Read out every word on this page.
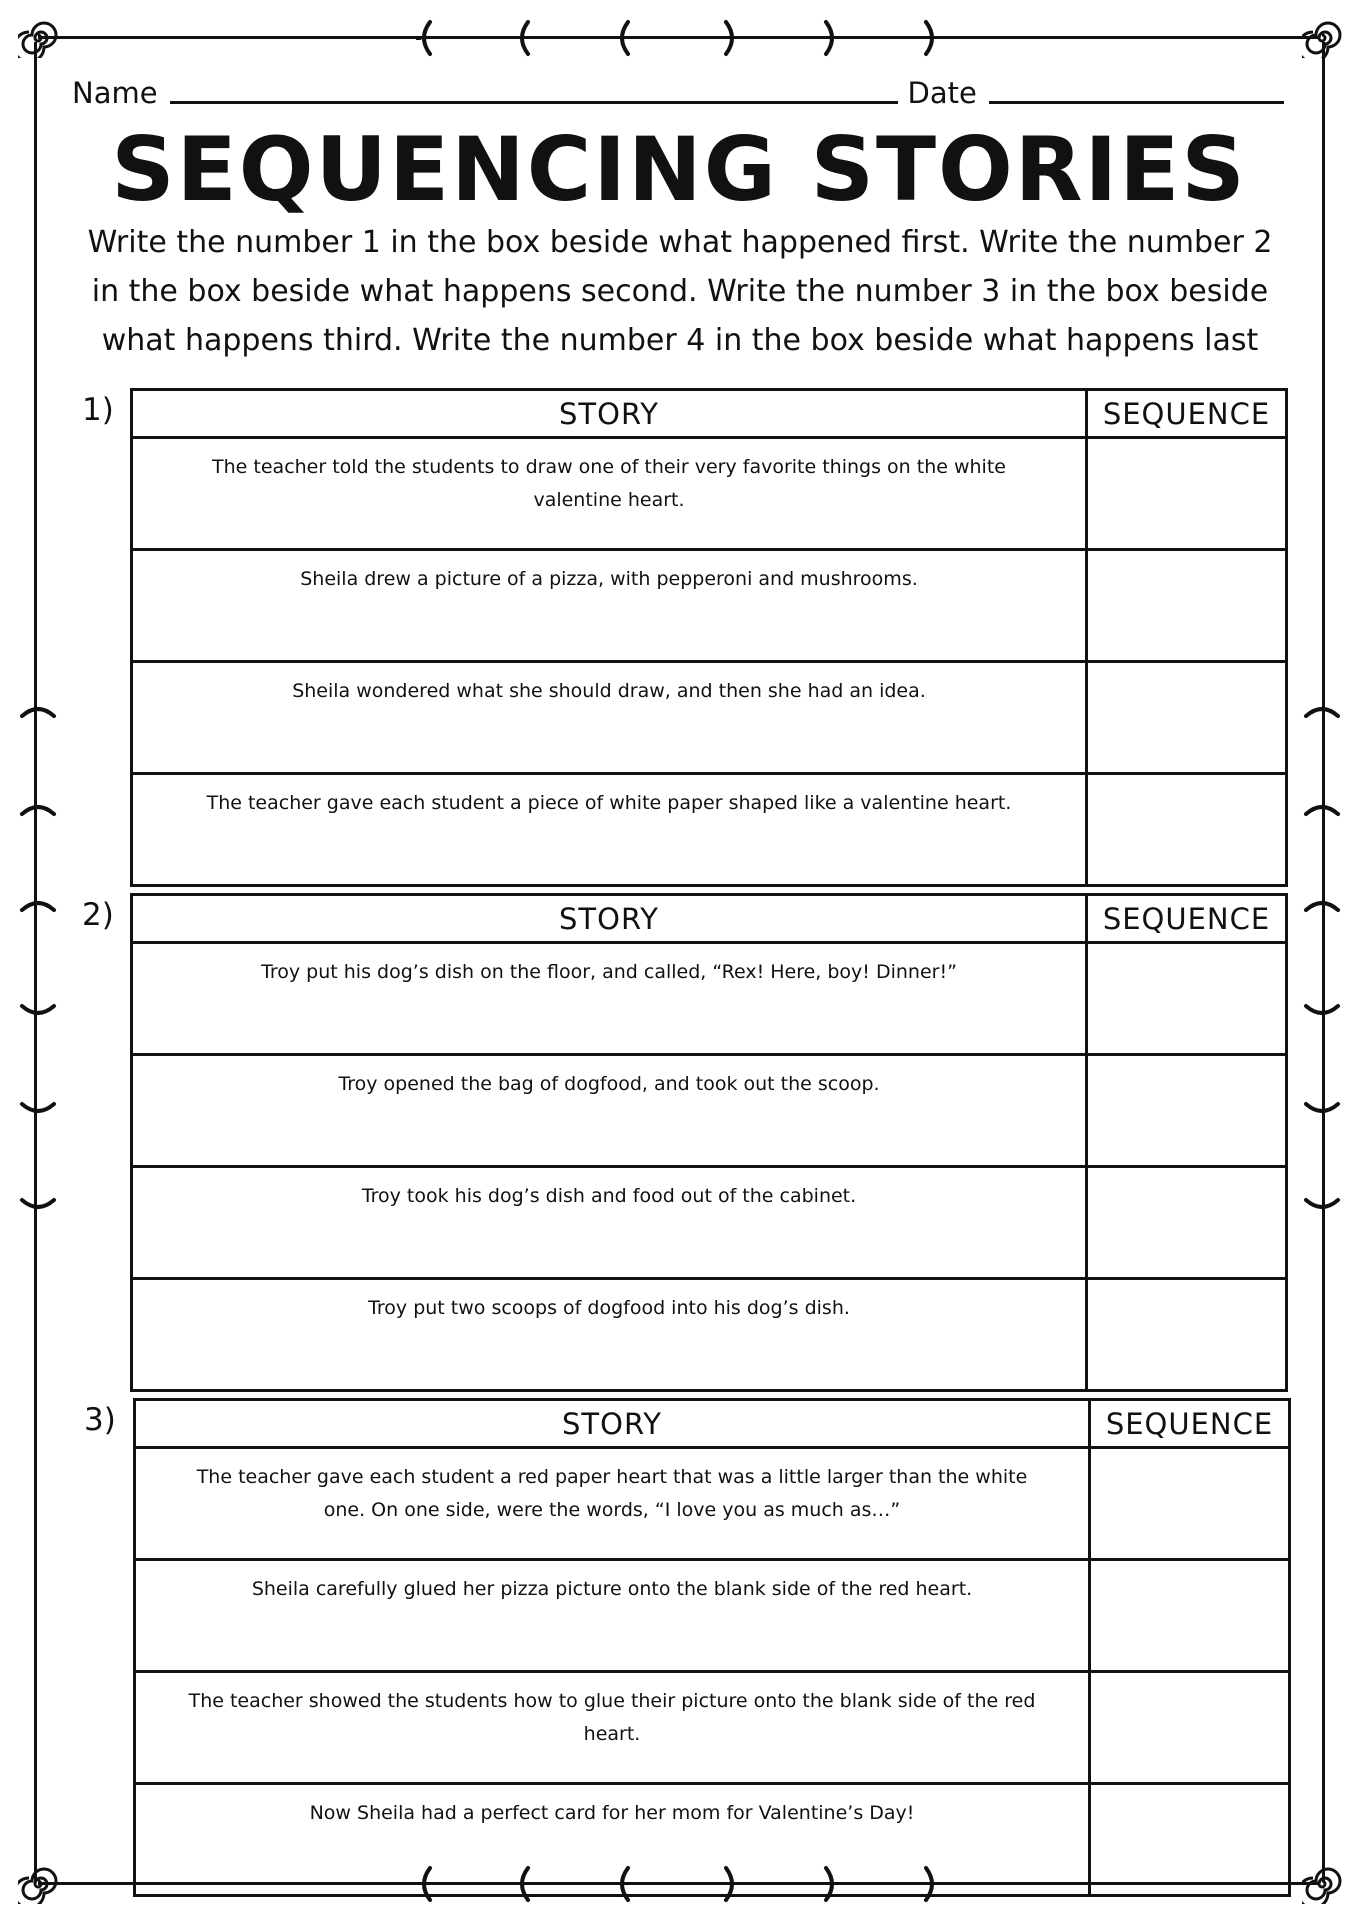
Name	Date
SEQUENCING STORIES
Write the number 1 in the box beside what happened first. Write the number 2 in the box beside what happens second. Write the number 3 in the box beside what happens third. Write the number 4 in the box beside what happens last
1)	STORY	SEQUENCE
The teacher told the students to draw one of their very favorite things on the white valentine heart.	
Sheila drew a picture of a pizza, with pepperoni and mushrooms.	
Sheila wondered what she should draw, and then she had an idea.	
The teacher gave each student a piece of white paper shaped like a valentine heart.	
2)	STORY	SEQUENCE
Troy put his dog’s dish on the floor, and called, “Rex! Here, boy! Dinner!”	
Troy opened the bag of dogfood, and took out the scoop.	
Troy took his dog’s dish and food out of the cabinet.	
Troy put two scoops of dogfood into his dog’s dish.	
3)	STORY	SEQUENCE
The teacher gave each student a red paper heart that was a little larger than the white one. On one side, were the words, “I love you as much as…”	
Sheila carefully glued her pizza picture onto the blank side of the red heart.	
The teacher showed the students how to glue their picture onto the blank side of the red heart.	
Now Sheila had a perfect card for her mom for Valentine’s Day!	
